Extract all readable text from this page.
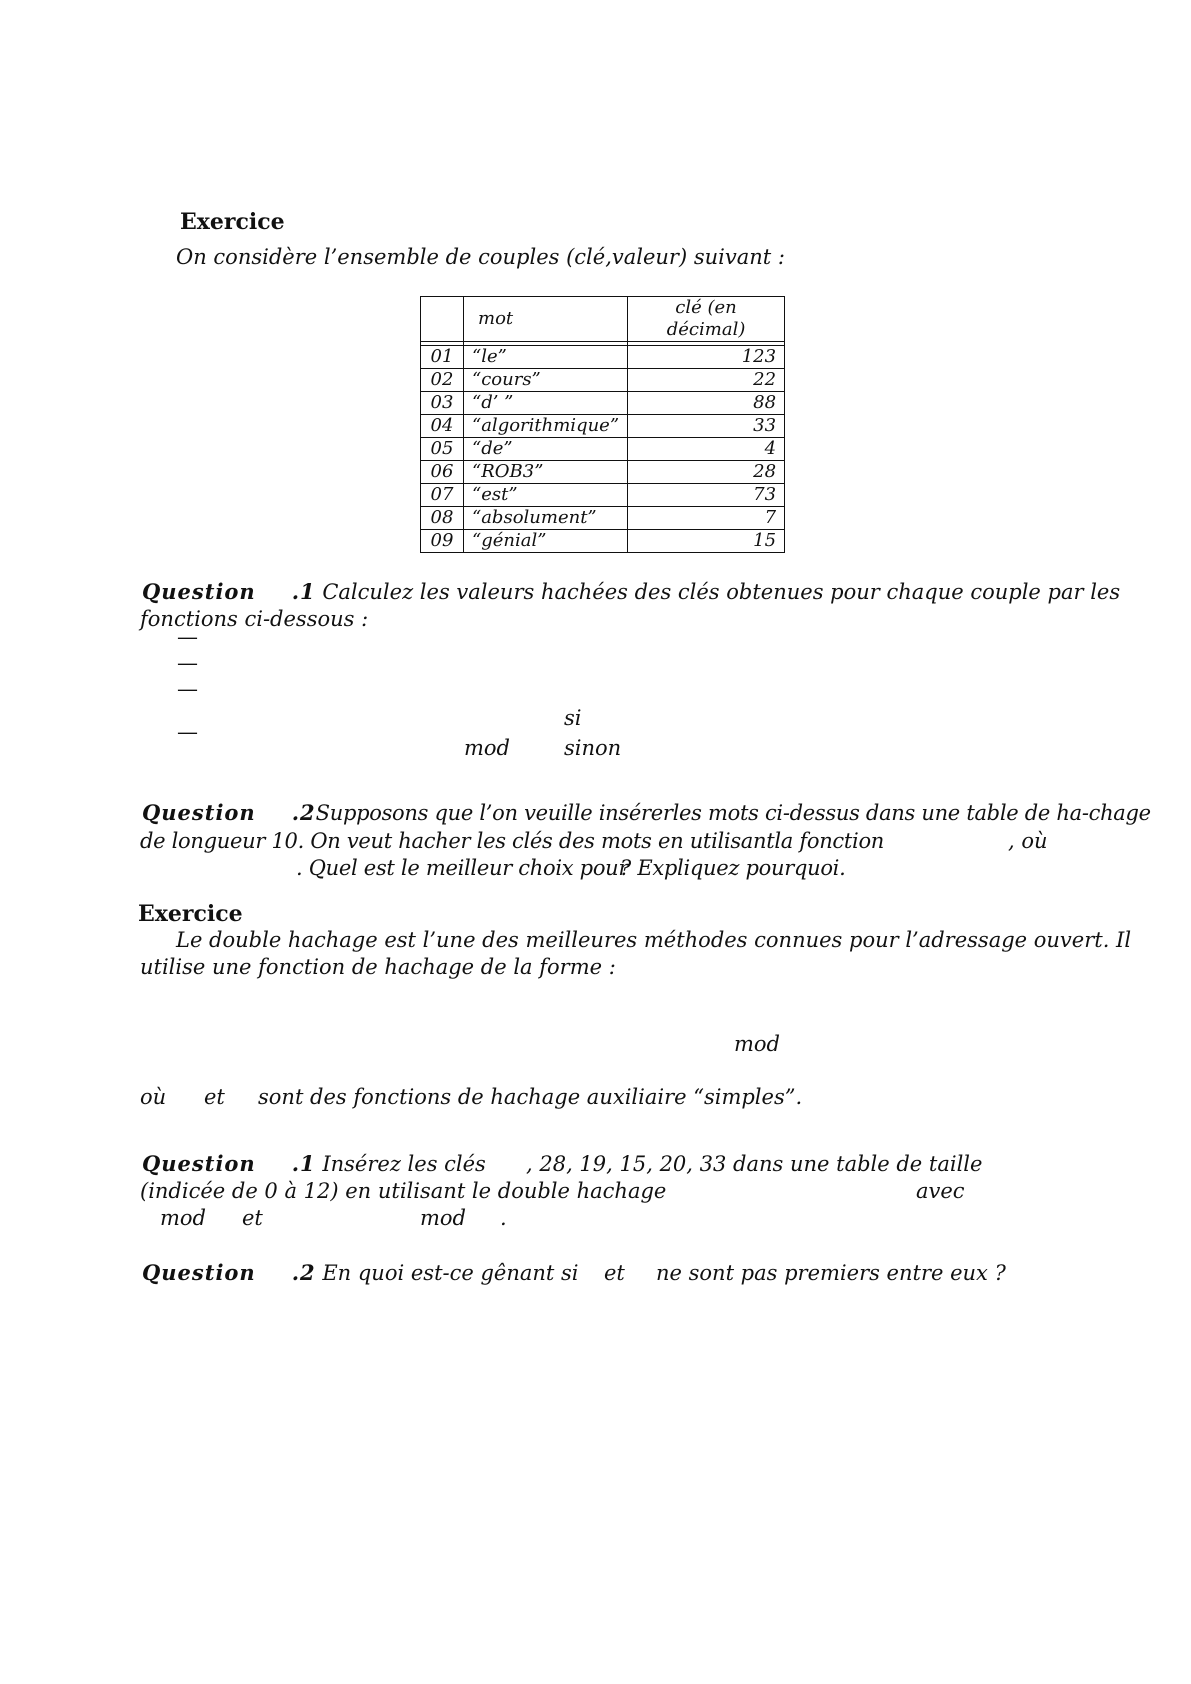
Exercice
On considère l’ensemble de couples (clé,valeur) suivant :
	mot	clé (en décimal)

01	“le”	123
02	“cours”	22
03	“d’ ”	88
04	“algorithmique”	33
05	“de”	4
06	“ROB3”	28
07	“est”	73
08	“absolument”	7
09	“génial”	15
Question .1 Calculez les valeurs hachées des clés obtenues pour chaque couple par les
fonctions ci-dessous :
—
—
—
si
—
mod	sinon
Question .2Supposons que l’on veuille insérerles mots ci-dessus dans une table de ha-chage
de longueur 10. On veut hacher les clés des mots en utilisantla fonction	, où
. Quel est le meilleur choix pour
? Expliquez pourquoi.
Exercice
Le double hachage est l’une des meilleures méthodes connues pour l’adressage ouvert. Il
utilise une fonction de hachage de la forme :
mod
où et sont des fonctions de hachage auxiliaire “simples”.
Question .1 Insérez les clés , 28, 19, 15, 20, 33 dans une table de taille
(indicée de 0 à 12) en utilisant le double hachage	avec
mod et	mod .
Question .2 En quoi est-ce gênant si et ne sont pas premiers entre eux ?
